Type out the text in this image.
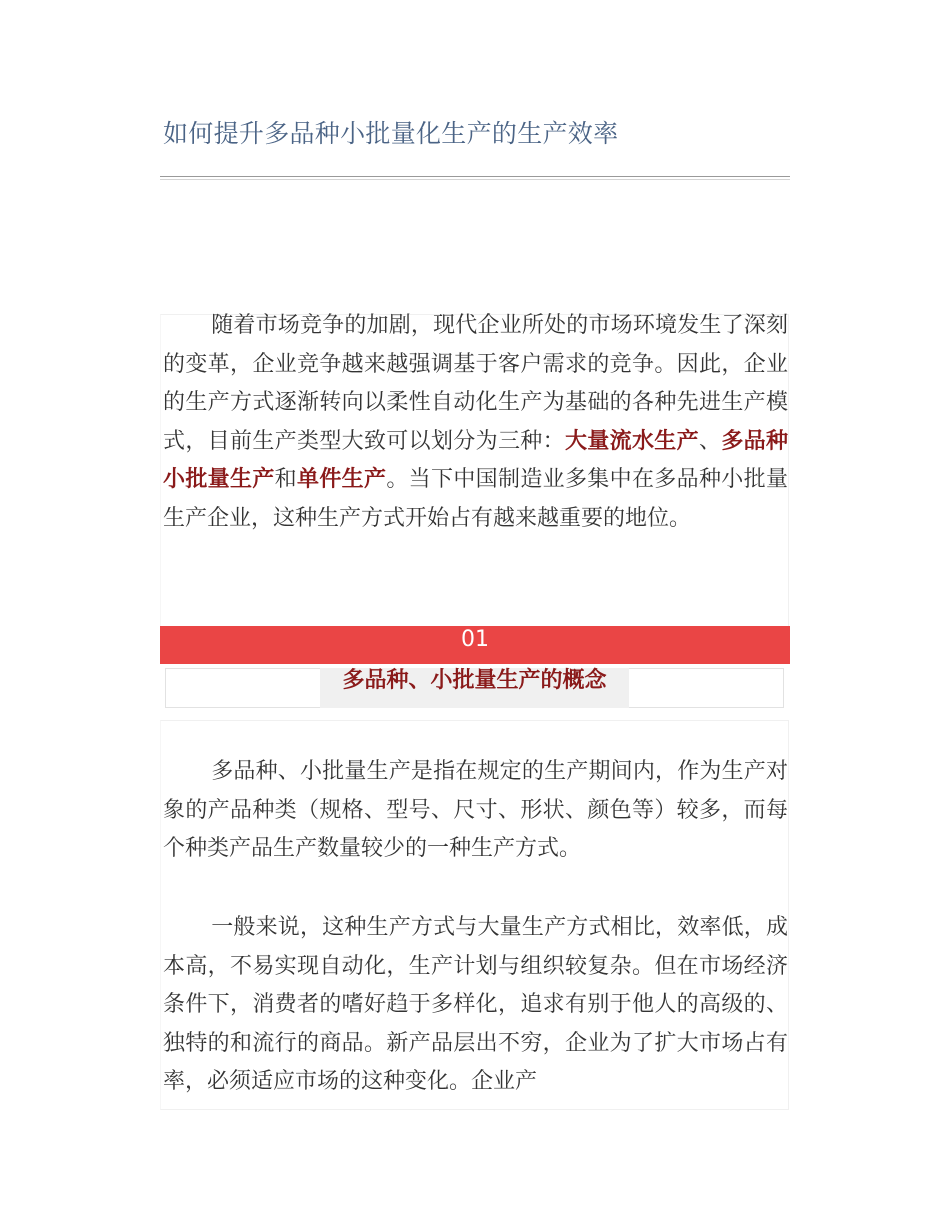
如何提升多品种小批量化生产的生产效率

随着市场竞争的加剧，现代企业所处的市场环境发生了深刻的变革，企业竞争越来越强调基于客户需求的竞争。因此，企业的生产方式逐渐转向以柔性自动化生产为基础的各种先进生产模式，目前生产类型大致可以划分为三种：大量流水生产、多品种小批量生产和单件生产。当下中国制造业多集中在多品种小批量生产企业，这种生产方式开始占有越来越重要的地位。

01
多品种、小批量生产的概念

多品种、小批量生产是指在规定的生产期间内，作为生产对象的产品种类（规格、型号、尺寸、形状、颜色等）较多，而每个种类产品生产数量较少的一种生产方式。

一般来说，这种生产方式与大量生产方式相比，效率低，成本高，不易实现自动化，生产计划与组织较复杂。但在市场经济条件下，消费者的嗜好趋于多样化，追求有别于他人的高级的、独特的和流行的商品。新产品层出不穷，企业为了扩大市场占有率，必须适应市场的这种变化。企业产
